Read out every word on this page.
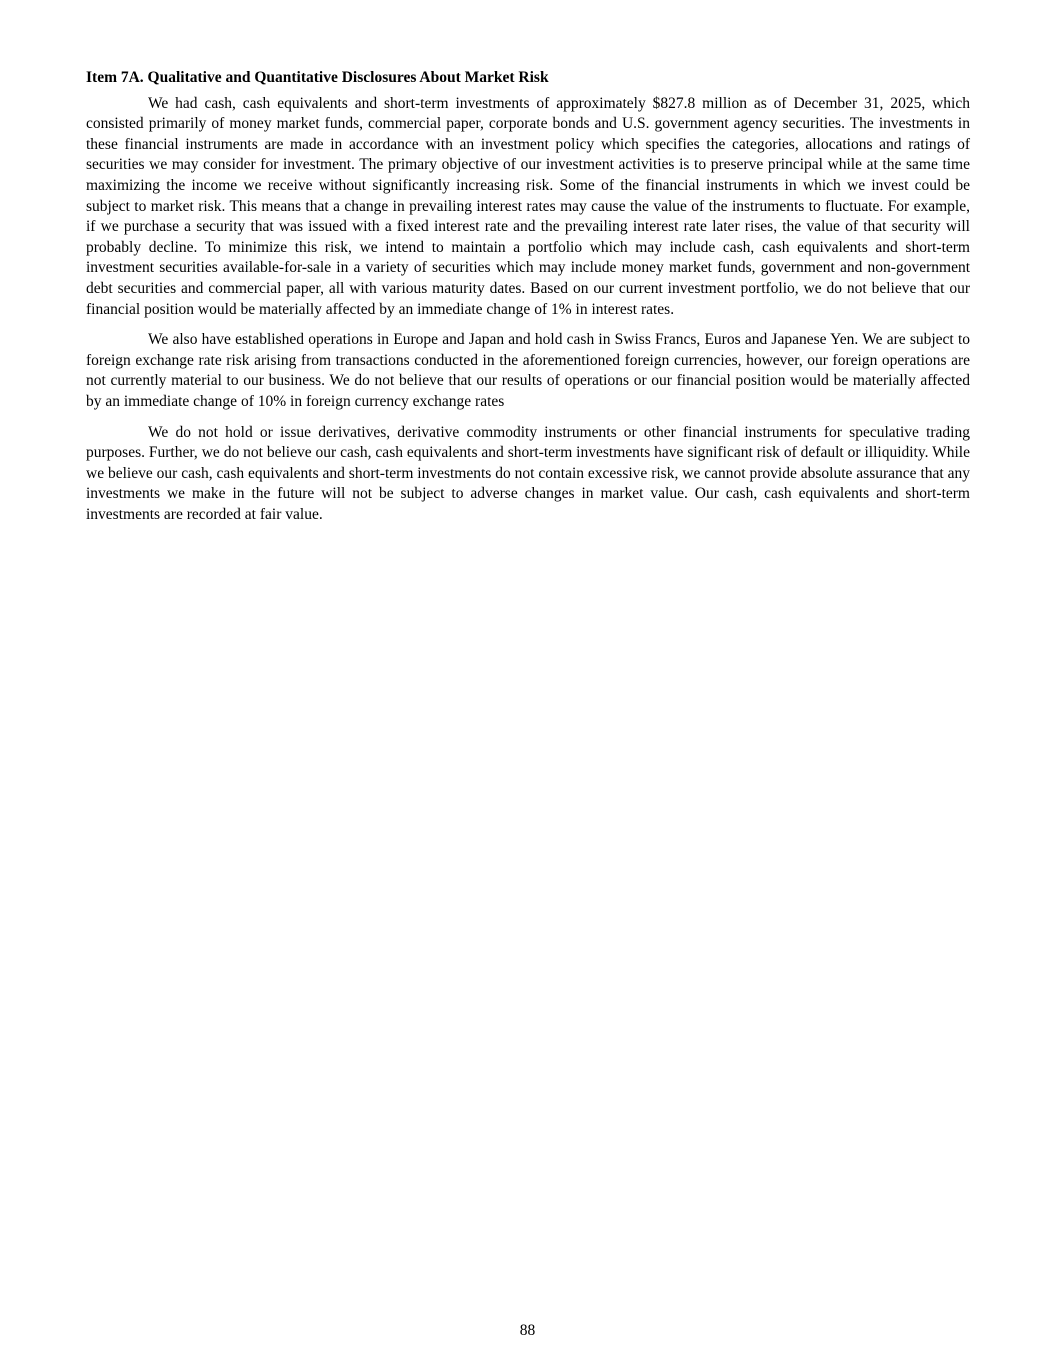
Item 7A. Qualitative and Quantitative Disclosures About Market Risk

We had cash, cash equivalents and short-term investments of approximately $827.8 million as of December 31, 2025, which consisted primarily of money market funds, commercial paper, corporate bonds and U.S. government agency securities. The investments in these financial instruments are made in accordance with an investment policy which specifies the categories, allocations and ratings of securities we may consider for investment. The primary objective of our investment activities is to preserve principal while at the same time maximizing the income we receive without significantly increasing risk. Some of the financial instruments in which we invest could be subject to market risk. This means that a change in prevailing interest rates may cause the value of the instruments to fluctuate. For example, if we purchase a security that was issued with a fixed interest rate and the prevailing interest rate later rises, the value of that security will probably decline. To minimize this risk, we intend to maintain a portfolio which may include cash, cash equivalents and short-term investment securities available-for-sale in a variety of securities which may include money market funds, government and non-government debt securities and commercial paper, all with various maturity dates. Based on our current investment portfolio, we do not believe that our financial position would be materially affected by an immediate change of 1% in interest rates.

We also have established operations in Europe and Japan and hold cash in Swiss Francs, Euros and Japanese Yen. We are subject to foreign exchange rate risk arising from transactions conducted in the aforementioned foreign currencies, however, our foreign operations are not currently material to our business. We do not believe that our results of operations or our financial position would be materially affected by an immediate change of 10% in foreign currency exchange rates

We do not hold or issue derivatives, derivative commodity instruments or other financial instruments for speculative trading purposes. Further, we do not believe our cash, cash equivalents and short-term investments have significant risk of default or illiquidity. While we believe our cash, cash equivalents and short-term investments do not contain excessive risk, we cannot provide absolute assurance that any investments we make in the future will not be subject to adverse changes in market value. Our cash, cash equivalents and short-term investments are recorded at fair value.

88
